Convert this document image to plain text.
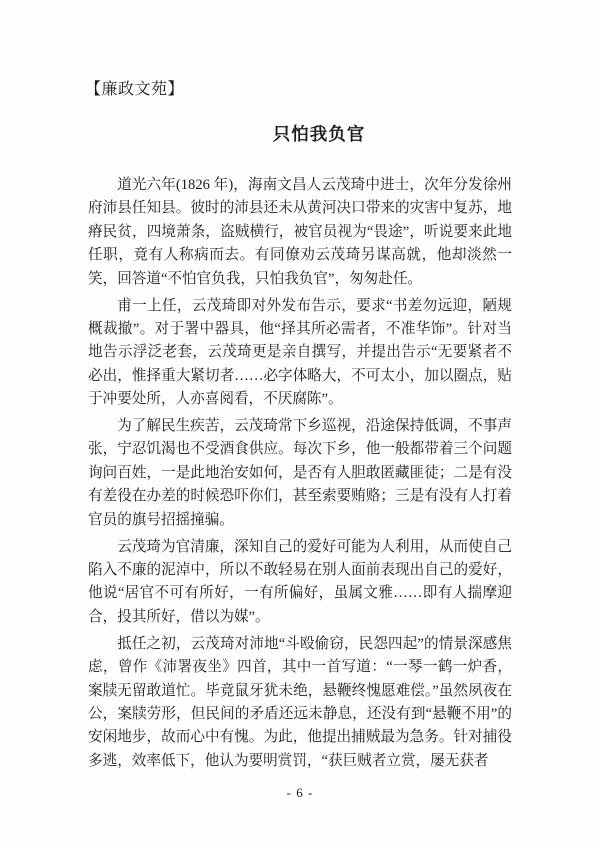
【廉政文苑】
只怕我负官

道光六年(1826 年)，海南文昌人云茂琦中进士，次年分发徐州府沛县任知县。彼时的沛县还未从黄河决口带来的灾害中复苏，地瘠民贫，四境萧条，盗贼横行，被官员视为“畏途”，听说要来此地任职，竟有人称病而去。有同僚劝云茂琦另谋高就，他却淡然一笑，回答道“不怕官负我，只怕我负官”，匆匆赴任。

甫一上任，云茂琦即对外发布告示，要求“书差勿远迎，陋规概裁撤”。对于署中器具，他“择其所必需者，不准华饰”。针对当地告示浮泛老套，云茂琦更是亲自撰写，并提出告示“无要紧者不必出，惟择重大紧切者……必字体略大，不可太小，加以圈点，贴于冲要处所，人亦喜阅看，不厌腐陈”。

为了解民生疾苦，云茂琦常下乡巡视，沿途保持低调，不事声张，宁忍饥渴也不受酒食供应。每次下乡，他一般都带着三个问题询问百姓，一是此地治安如何，是否有人胆敢匿藏匪徒；二是有没有差役在办差的时候恐吓你们，甚至索要贿赂；三是有没有人打着官员的旗号招摇撞骗。

云茂琦为官清廉，深知自己的爱好可能为人利用，从而使自己陷入不廉的泥淖中，所以不敢轻易在别人面前表现出自己的爱好，他说“居官不可有所好，一有所偏好，虽属文雅……即有人揣摩迎合，投其所好，借以为媒”。

抵任之初，云茂琦对沛地“斗殴偷窃，民怨四起”的情景深感焦虑，曾作《沛署夜坐》四首，其中一首写道：“一琴一鹤一炉香，案牍无留敢道忙。毕竟鼠牙犹未绝，悬鞭终愧愿难偿。”虽然夙夜在公，案牍劳形，但民间的矛盾还远未静息，还没有到“悬鞭不用”的安闲地步，故而心中有愧。为此，他提出捕贼最为急务。针对捕役多逃，效率低下，他认为要明赏罚，“获巨贼者立赏，屡无获者

- 6 -
